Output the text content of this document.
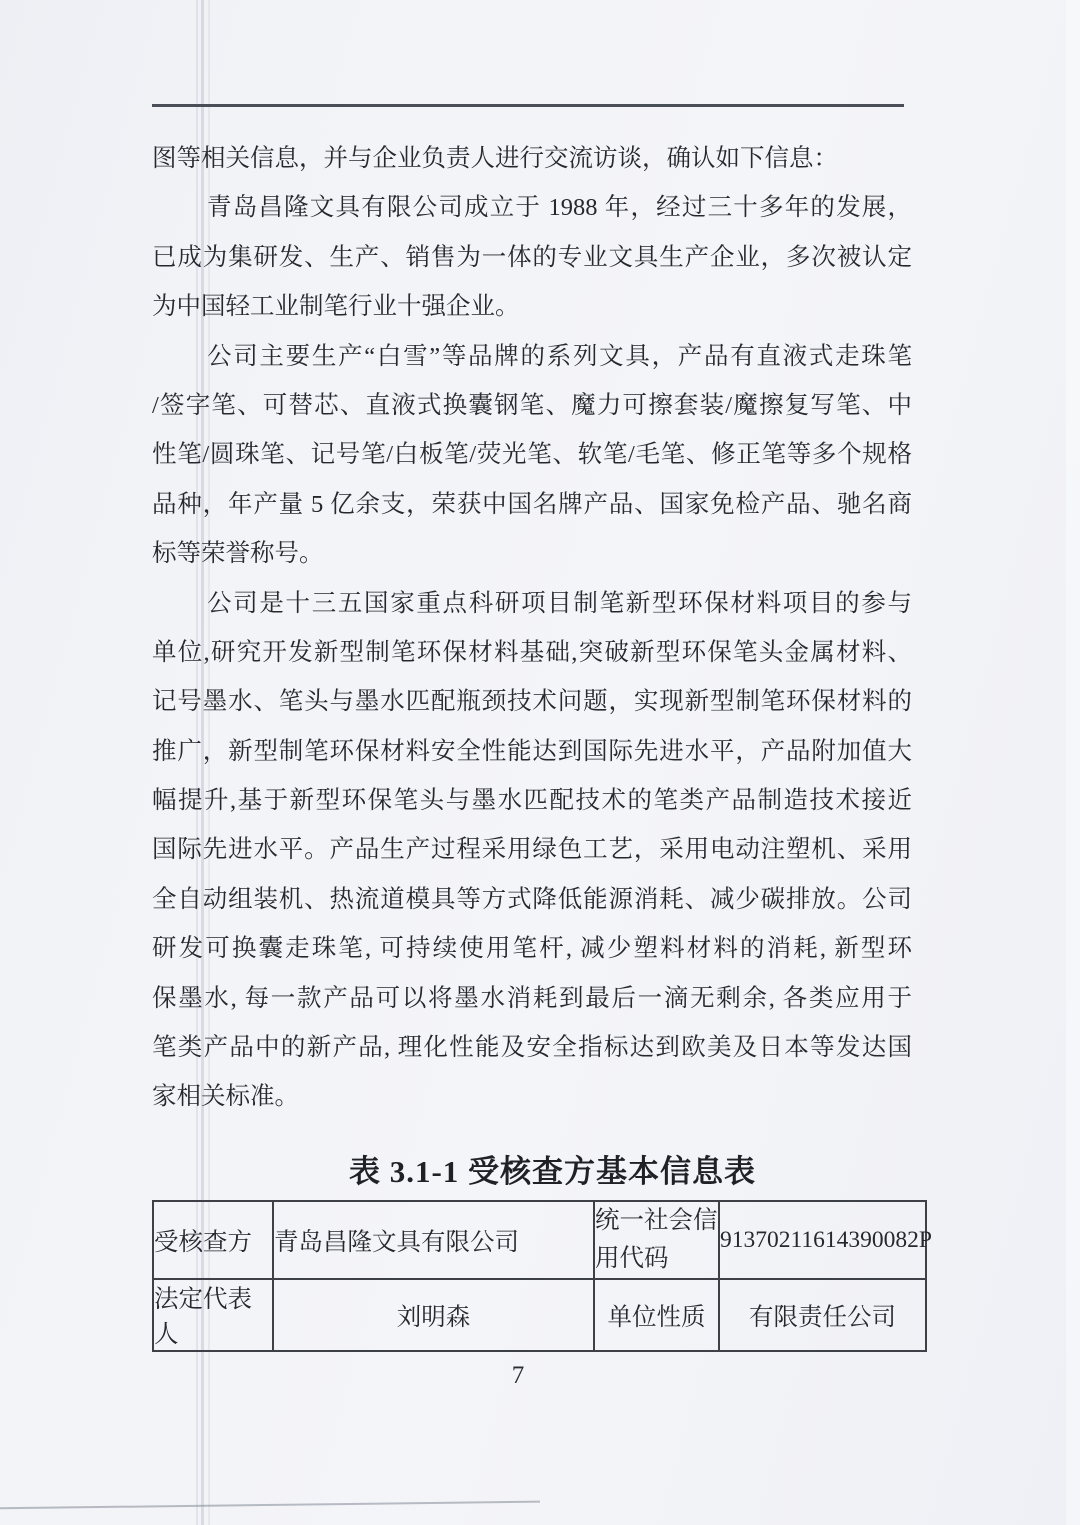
图等相关信息，并与企业负责人进行交流访谈，确认如下信息：
青岛昌隆文具有限公司成立于 1988 年，经过三十多年的发展，
已成为集研发、生产、销售为一体的专业文具生产企业，多次被认定
为中国轻工业制笔行业十强企业。
公司主要生产“白雪”等品牌的系列文具，产品有直液式走珠笔
/签字笔、可替芯、直液式换囊钢笔、魔力可擦套装/魔擦复写笔、中
性笔/圆珠笔、记号笔/白板笔/荧光笔、软笔/毛笔、修正笔等多个规格
品种，年产量 5 亿余支，荣获中国名牌产品、国家免检产品、驰名商
标等荣誉称号。
公司是十三五国家重点科研项目制笔新型环保材料项目的参与
单位,研究开发新型制笔环保材料基础,突破新型环保笔头金属材料、
记号墨水、笔头与墨水匹配瓶颈技术问题，实现新型制笔环保材料的
推广，新型制笔环保材料安全性能达到国际先进水平，产品附加值大
幅提升,基于新型环保笔头与墨水匹配技术的笔类产品制造技术接近
国际先进水平。产品生产过程采用绿色工艺，采用电动注塑机、采用
全自动组装机、热流道模具等方式降低能源消耗、减少碳排放。公司
研发可换囊走珠笔, 可持续使用笔杆, 减少塑料材料的消耗, 新型环
保墨水, 每一款产品可以将墨水消耗到最后一滴无剩余, 各类应用于
笔类产品中的新产品, 理化性能及安全指标达到欧美及日本等发达国
家相关标准。
表 3.1-1 受核查方基本信息表
受核查方	青岛昌隆文具有限公司	统一社会信用代码	91370211614390082P
法定代表人	刘明森	单位性质	有限责任公司
7
